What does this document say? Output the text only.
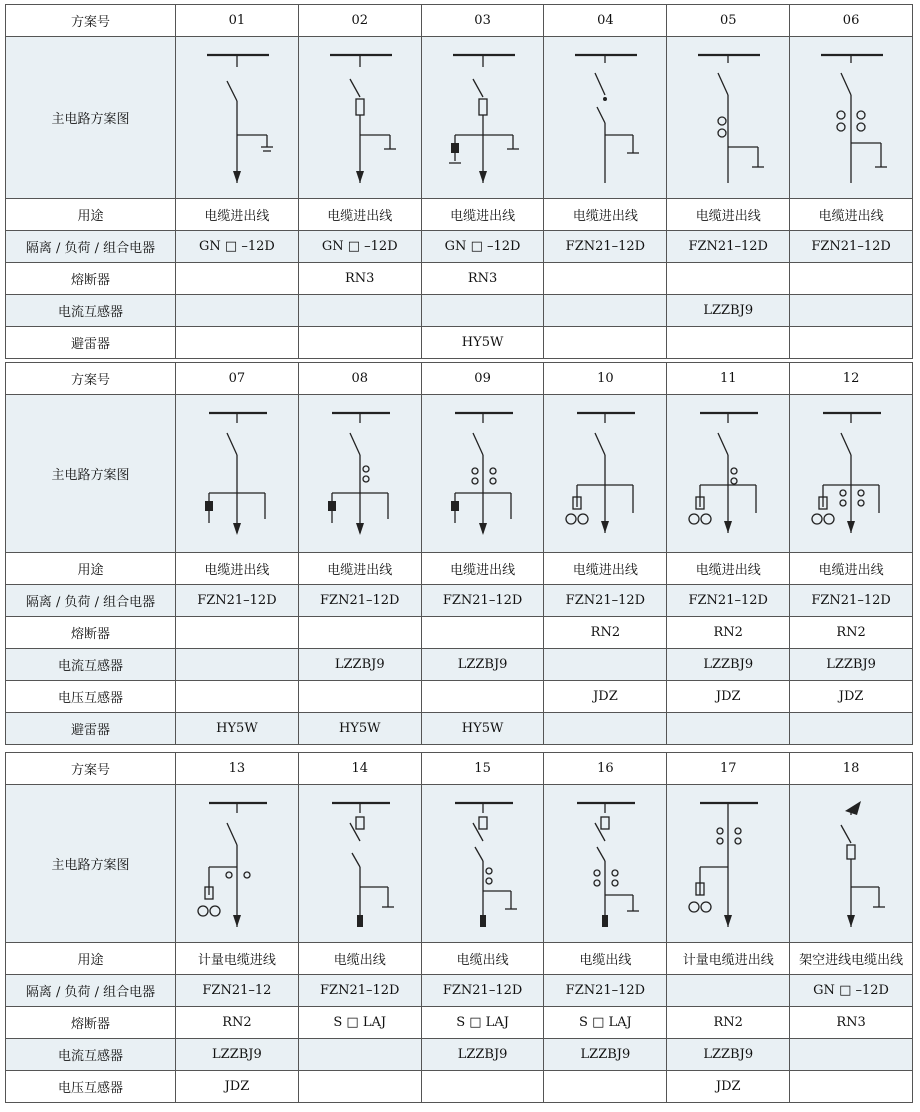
方案号	01	02	03	04	05	06
主电路方案图	

用途	电缆进出线	电缆进出线	电缆进出线	电缆进出线	电缆进出线	电缆进出线
隔离 / 负荷 / 组合电器	GN □ –12D	GN □ –12D	GN □ –12D	FZN21–12D	FZN21–12D	FZN21–12D
熔断器		RN3	RN3			
电流互感器					LZZBJ9	
避雷器			HY5W			
方案号	07	08	09	10	11	12
主电路方案图	

用途	电缆进出线	电缆进出线	电缆进出线	电缆进出线	电缆进出线	电缆进出线
隔离 / 负荷 / 组合电器	FZN21–12D	FZN21–12D	FZN21–12D	FZN21–12D	FZN21–12D	FZN21–12D
熔断器				RN2	RN2	RN2
电流互感器		LZZBJ9	LZZBJ9		LZZBJ9	LZZBJ9
电压互感器				JDZ	JDZ	JDZ
避雷器	HY5W	HY5W	HY5W			
方案号	13	14	15	16	17	18
主电路方案图	

用途	计量电缆进线	电缆出线	电缆出线	电缆出线	计量电缆进出线	架空进线电缆出线
隔离 / 负荷 / 组合电器	FZN21–12	FZN21–12D	FZN21–12D	FZN21–12D		GN □ –12D
熔断器	RN2	S □ LAJ	S □ LAJ	S □ LAJ	RN2	RN3
电流互感器	LZZBJ9		LZZBJ9	LZZBJ9	LZZBJ9	
电压互感器	JDZ				JDZ	
